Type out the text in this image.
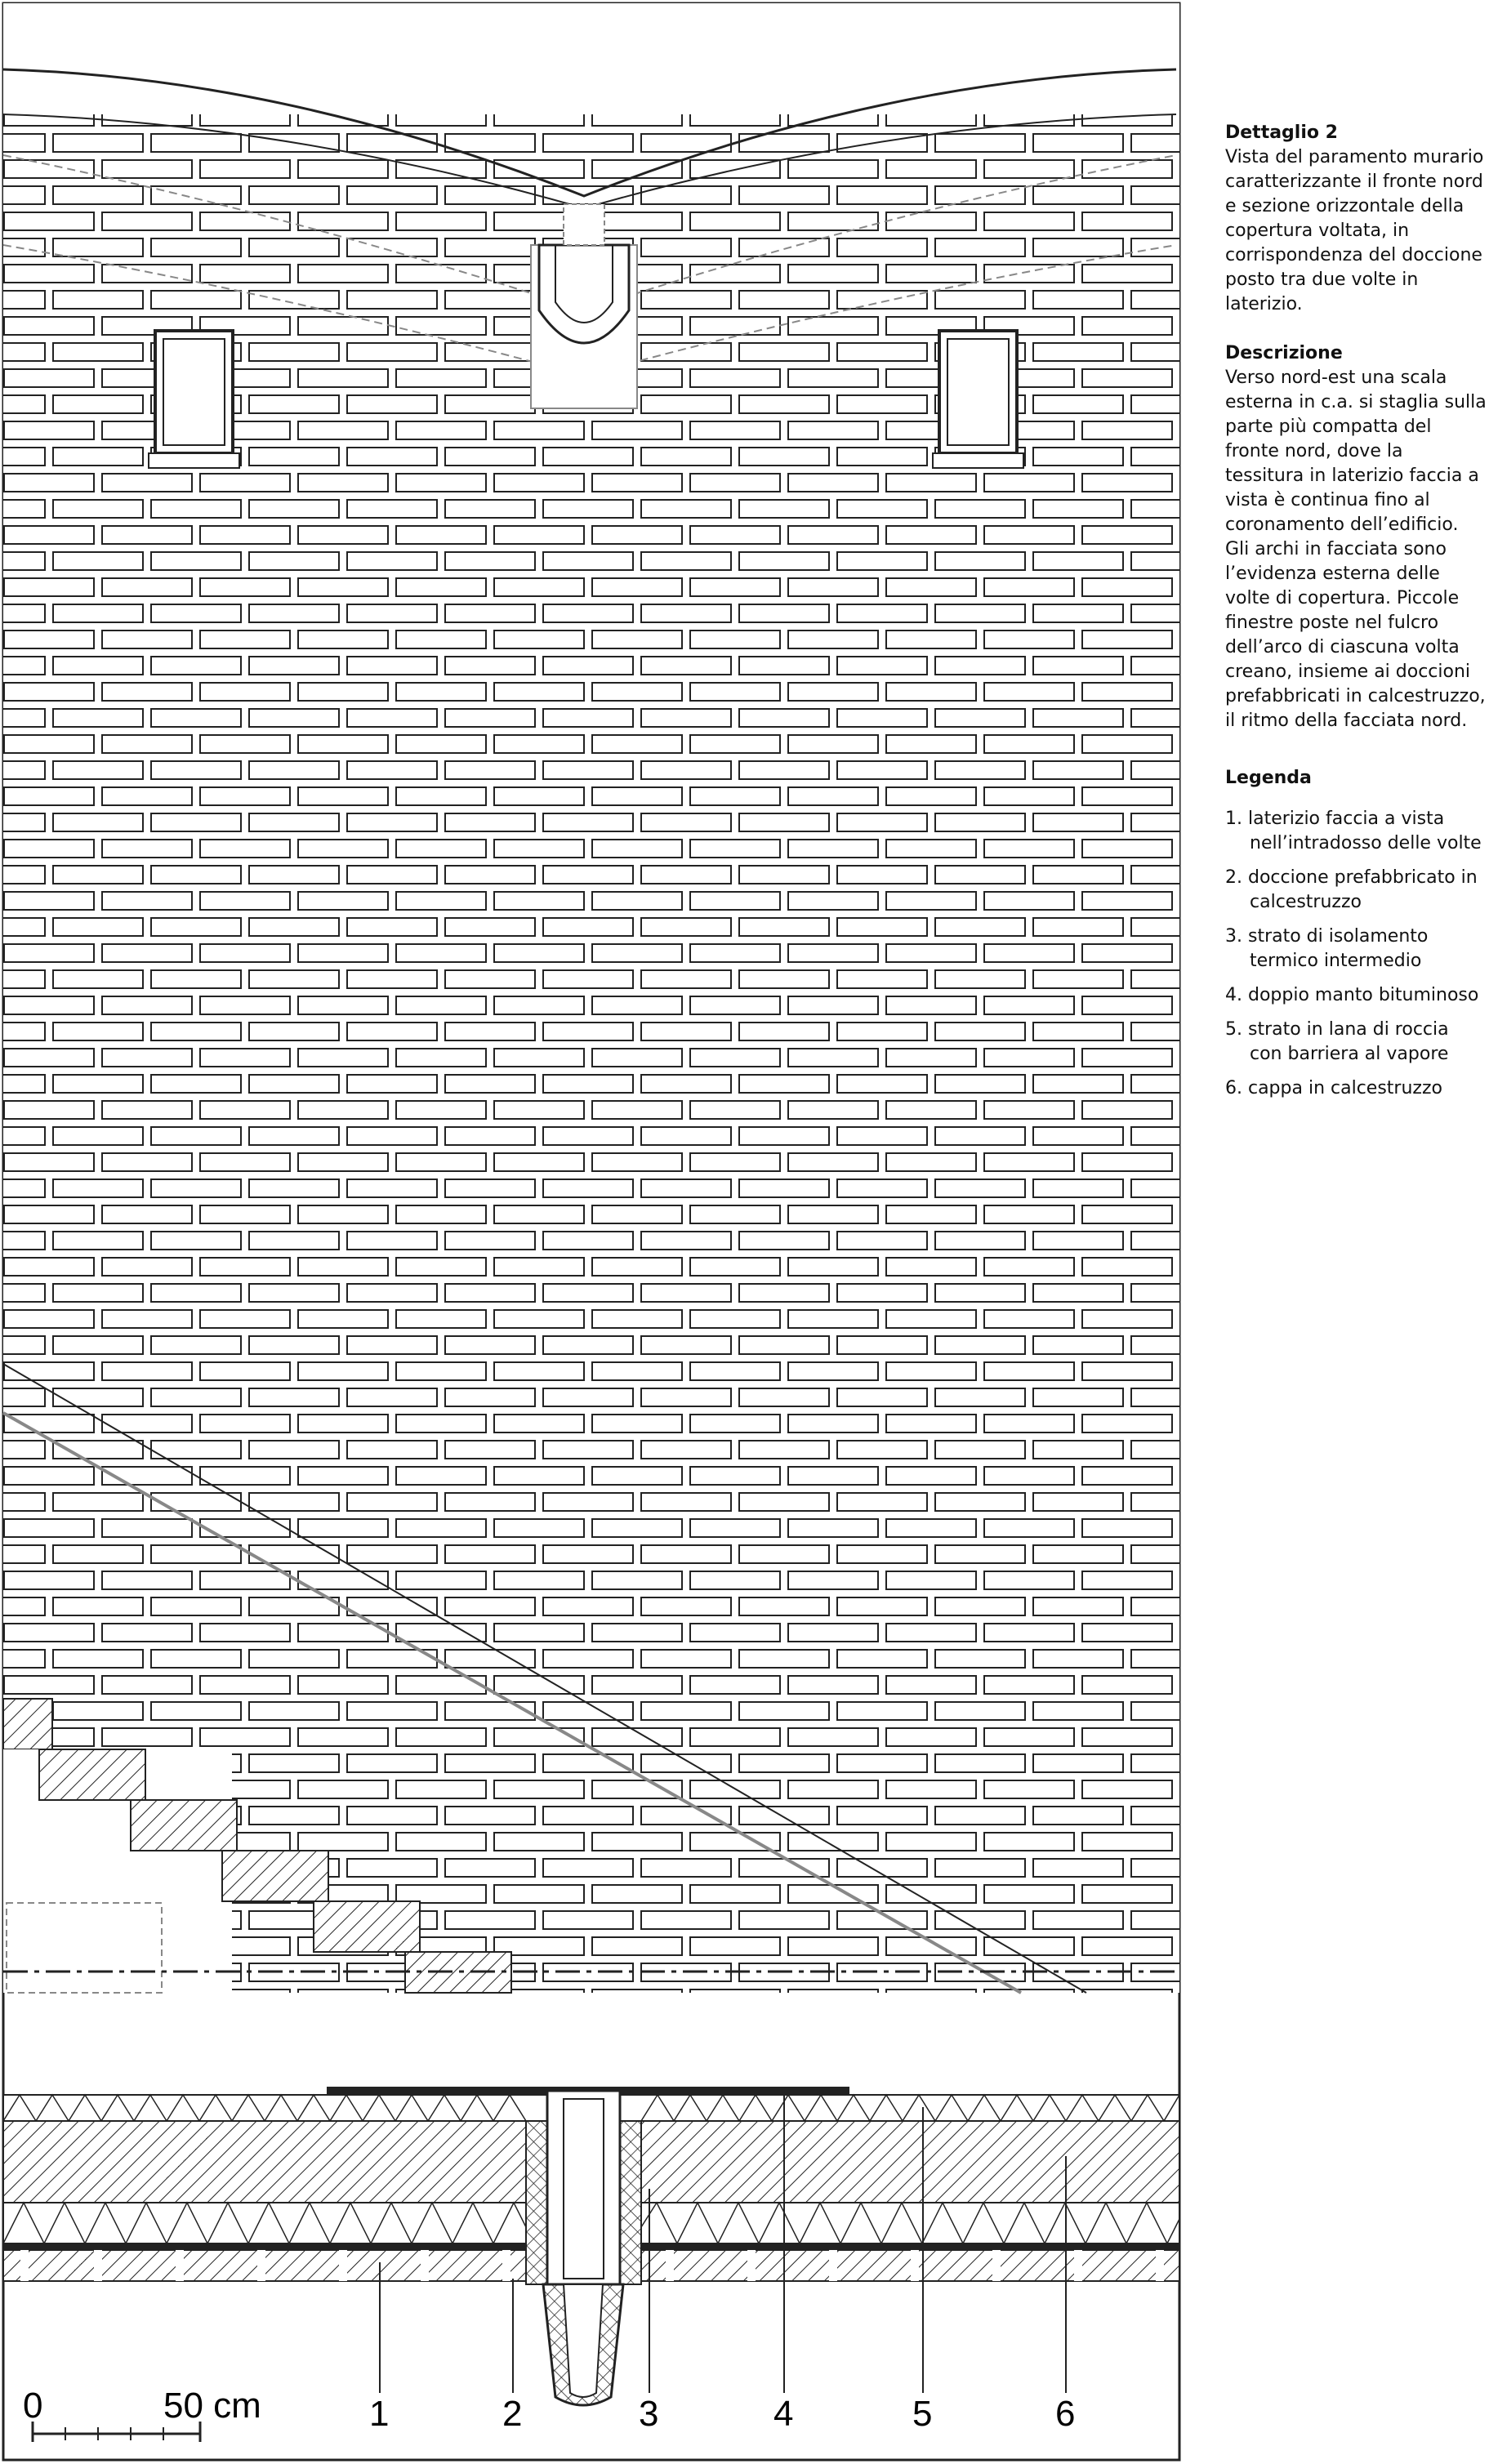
0	50 cm	1	2	3	4	5	6

Dettaglio 2

Vista del paramento murario caratterizzante il fronte nord e sezione orizzontale della copertura voltata, in corrispondenza del doccione posto tra due volte in laterizio.

Descrizione

Verso nord-est una scala esterna in c.a. si staglia sulla parte più compatta del fronte nord, dove la tessitura in laterizio faccia a vista è continua fino al coronamento dell’edificio. Gli archi in facciata sono l’evidenza esterna delle volte di copertura. Piccole finestre poste nel fulcro dell’arco di ciascuna volta creano, insieme ai doccioni prefabbricati in calcestruzzo, il ritmo della facciata nord.

Legenda

1. laterizio faccia a vista nell’intradosso delle volte
2. doccione prefabbricato in calcestruzzo
3. strato di isolamento termico intermedio
4. doppio manto bituminoso
5. strato in lana di roccia con barriera al vapore
6. cappa in calcestruzzo
